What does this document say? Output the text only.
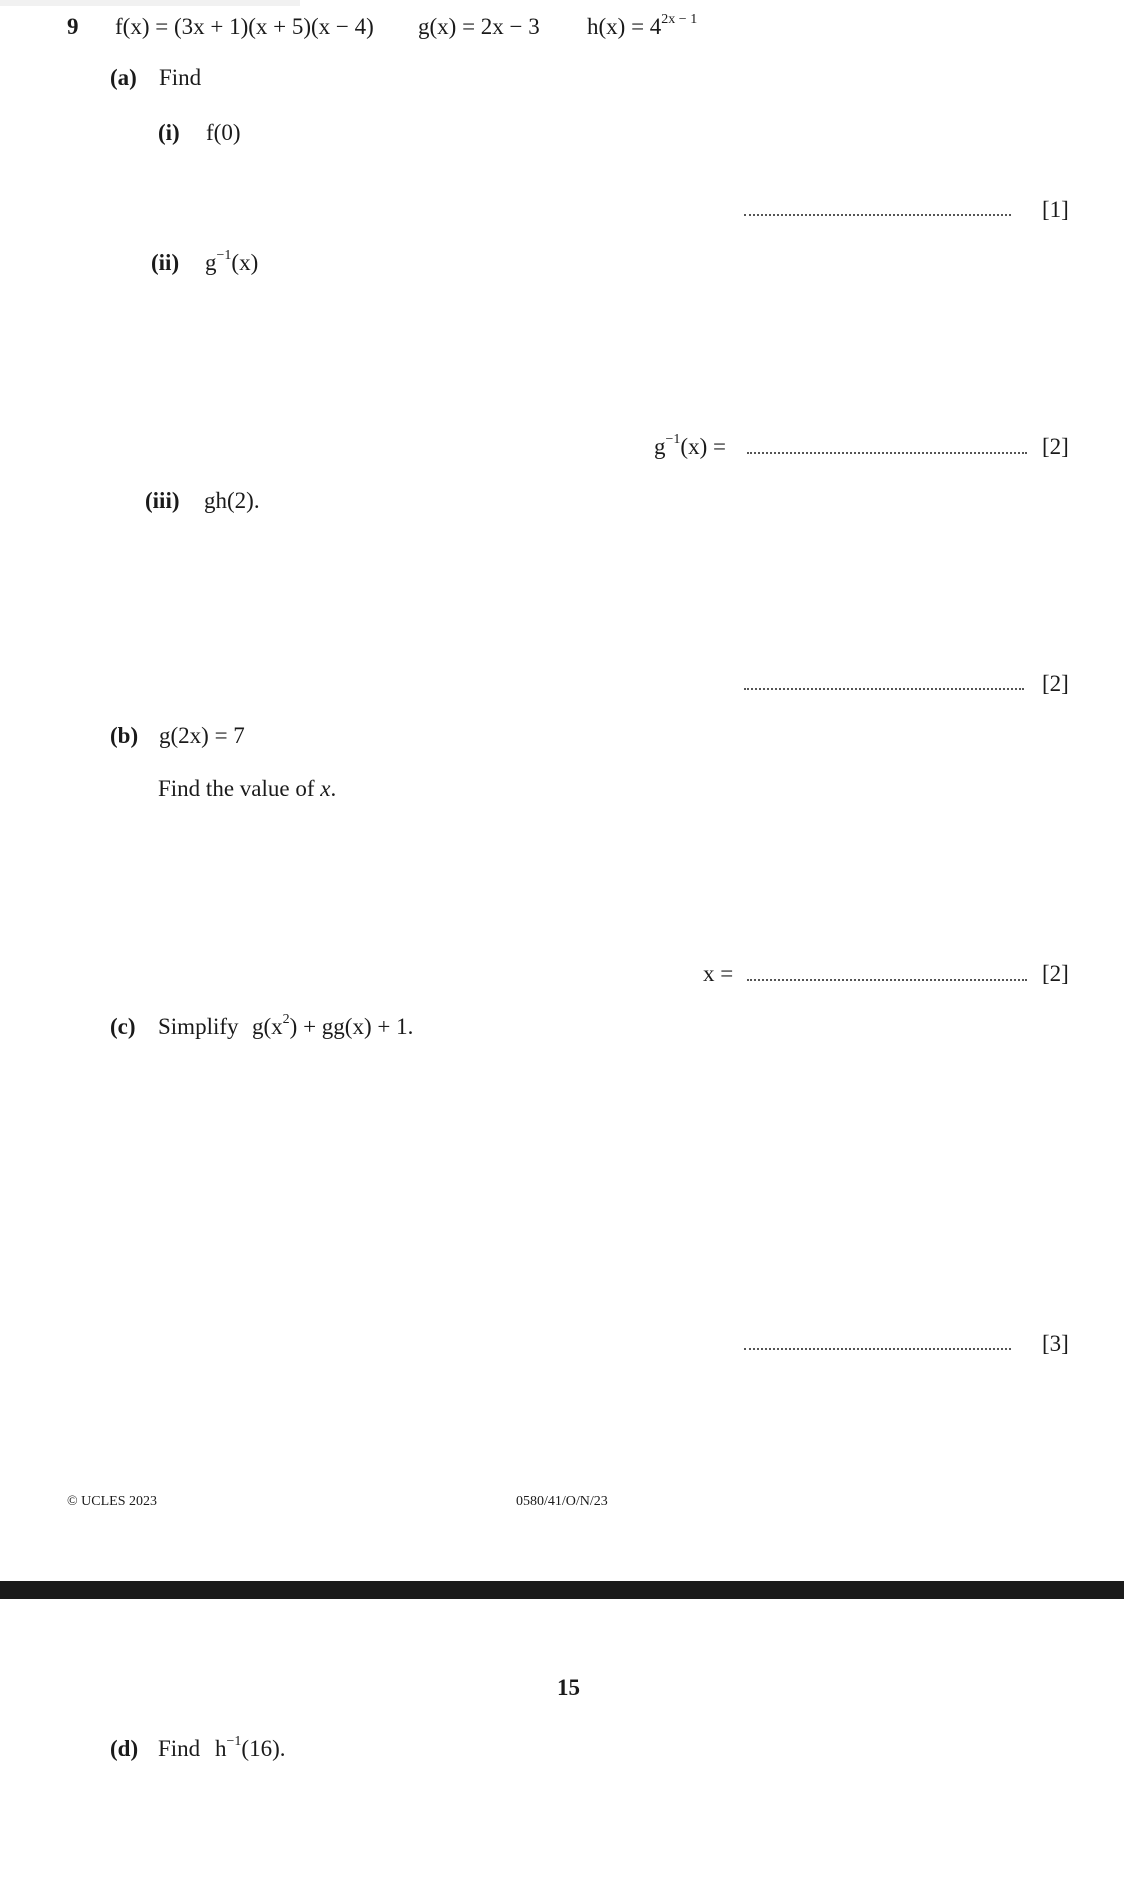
9 f(x) = (3x + 1)(x + 5)(x − 4) g(x) = 2x − 3 $h(x) = 4^{2x - 1}$
(a) Find
(i) f(0)
[1]
(ii) $g^{-1}(x)$
$g^{-1}(x)$ =	[2]
(iii) gh(2).
[2]
(b) g(2x) = 7
Find the value of x.
x =	[2]
(c) Simplify $g(x^2) + gg(x) + 1$.
[3]
© UCLES 2023	0580/41/O/N/23
15
(d) Find $h^{-1}(16)$.
